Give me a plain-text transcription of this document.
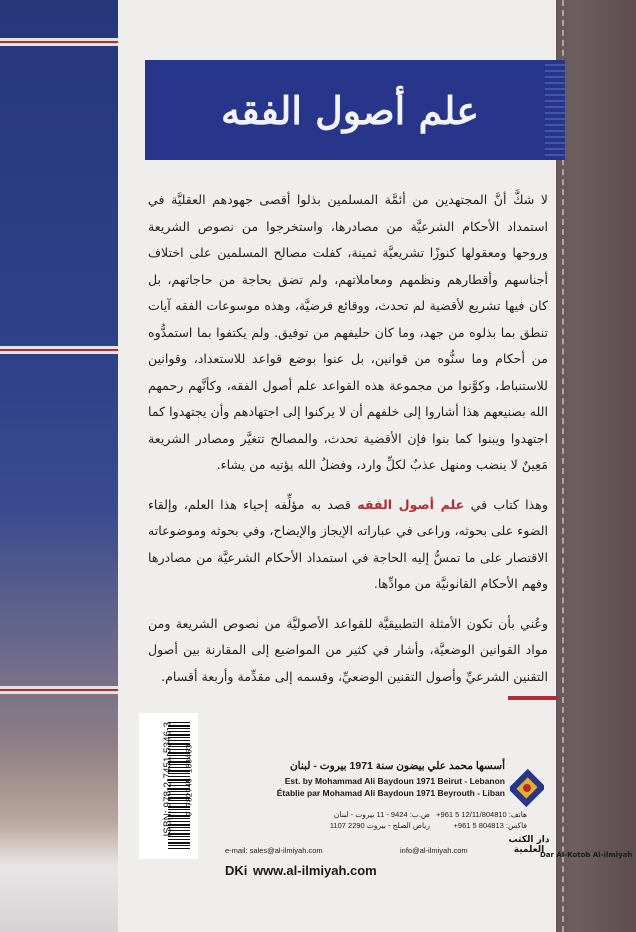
علم أصول الفقه

لا شكَّ أنَّ المجتهدين من أئمَّة المسلمين بذلوا أقصى جهودهم العقليَّة في استمداد الأحكام الشرعيَّة من مصادرها، واستخرجوا من نصوص الشريعة وروحها ومعقولها كنوزًا تشريعيَّة ثمينة، كفلت مصالح المسلمين على اختلاف أجناسهم وأقطارهم ونظمهم ومعاملاتهم، ولم تضق بحاجة من حاجاتهم، بل كان فيها تشريع لأقضية لم تحدث، ووقائع فرضيَّة، وهذه موسوعات الفقه آيات تنطق بما بذلوه من جهد، وما كان حليفهم من توفيق. ولم يكتفوا بما استمدُّوه من أحكام وما سنُّوه من قوانين، بل عنوا بوضع قواعد للاستعداد، وقوانين للاستنباط، وكوَّنوا من مجموعة هذه القواعد علم أصول الفقه، وكأنَّهم رحمهم الله بصنيعهم هذا أشاروا إلى خلفهم أن لا يركنوا إلى اجتهادهم وأن يجتهدوا كما اجتهدوا ويبنوا كما بنوا فإن الأقضية تحدث، والمصالح تتغيَّر ومصادر الشريعة مَعِينٌ لا ينضب ومنهل عذبٌ لكلِّ وارد، وفضلُ الله يؤتيه من يشاء.

وهذا كتاب في علم أصول الفقه قصد به مؤلِّفه إحياء هذا العلم، وإلقاء الضوء على بحوثه، وراعى في عباراته الإيجاز والإيضاح، وفي بحوثه وموضوعاته الاقتصار على ما تمسُّ إليه الحاجة في استمداد الأحكام الشرعيَّة من مصادرها وفهم الأحكام القانونيَّة من موادِّها.

وعُني بأن تكون الأمثلة التطبيقيَّة للقواعد الأصوليَّة من نصوص الشريعة ومن مواد القوانين الوضعيَّة، وأشار في كثير من المواضيع إلى المقارنة بين أصول التقنين الشرعيِّ وأصول التقنين الوضعيِّ، وقسمه إلى مقدِّمة وأربعة أقسام.

ISBN: 978-2-7451-5346-3 9 782745 153463	أسسها محمد علي بيضون سنة 1971 بيروت - لبنان
Est. by Mohammad Ali Baydoun 1971 Beirut - Lebanon
Établie par Mohamad Ali Baydoun 1971 Beyrouth - Liban
ص.ب: 9424 - 11 بيروت - لبنان
رياض الصلح - بيروت 2290 1107
هاتف: 12/11/804810 5 961+
فاكس: 804813 5 961+
e-mail: sales@al-ilmiyah.com	info@al-ilmiyah.com
DKi www.al-ilmiyah.com
دار الكتب العلمية
Dar Al-Kotob Al-ilmiyah
